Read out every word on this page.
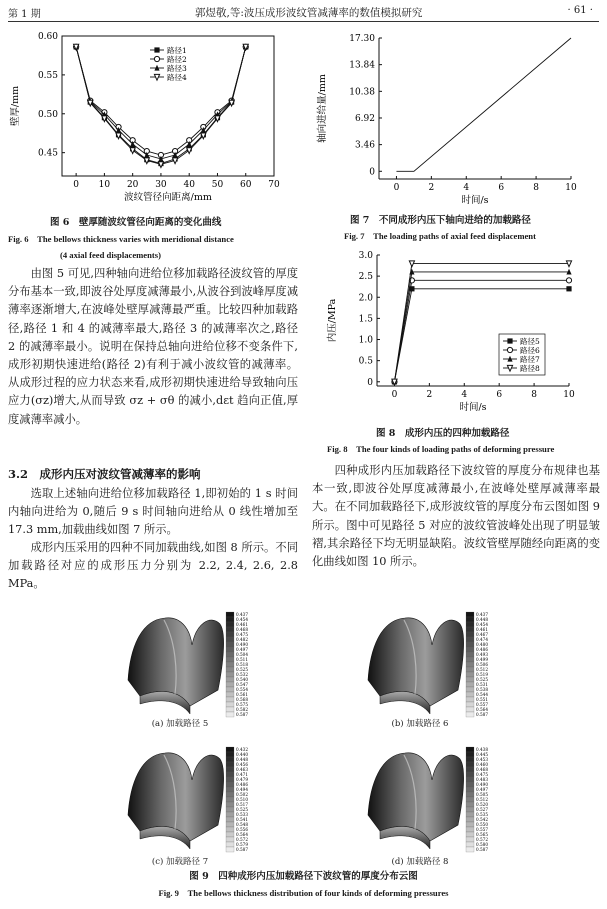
第 1 期	郭煜敬,等:波压成形波纹管减薄率的数值模拟研究	· 61 ·
0 10 20 30 40 50 60 70
0.45
0.50
0.55
0.60
波纹管径向距离/mm
壁厚/mm
路径1
路径2
路径3
路径4
图 6　壁厚随波纹管径向距离的变化曲线
Fig. 6　The bellows thickness varies with meridional distance
(4 axial feed displacements)
0	2	4	6	8	10
0
3.46
6.92
10.38
13.84
17.30
时间/s
轴向进给量/mm
图 7　不同成形内压下轴向进给的加载路径
Fig. 7　The loading paths of axial feed displacement
0	2	4	6	8	10
0
0.5
1.0
1.5
2.0
2.5
3.0
时间/s
内压/MPa	路径5
路径6
路径7
路径8
图 8　成形内压的四种加载路径
Fig. 8　The four kinds of loading paths of deforming pressure
由图 5 可见,四种轴向进给位移加载路径波纹管的厚度分布基本一致,即波谷处厚度减薄最小,从波谷到波峰厚度减薄率逐渐增大,在波峰处壁厚减薄最严重。比较四种加载路径,路径 1 和 4 的减薄率最大,路径 3 的减薄率次之,路径 2 的减薄率最小。说明在保持总轴向进给位移不变条件下,成形初期快速进给(路径 2)有利于减小波纹管的减薄率。从成形过程的应力状态来看,成形初期快速进给导致轴向压应力(σz)增大,从而导致 σz + σθ 的减小,dεt 趋向正值,厚度减薄率减小。
3.2　成形内压对波纹管减薄率的影响
选取上述轴向进给位移加载路径 1,即初始的 1 s 时间内轴向进给为 0,随后 9 s 时间轴向进给从 0 线性增加至 17.3 mm,加载曲线如图 7 所示。
成形内压采用的四种不同加载曲线,如图 8 所示。不同加载路径对应的成形压力分别为 2.2, 2.4, 2.6, 2.8 MPa。
四种成形内压加载路径下波纹管的厚度分布规律也基本一致,即波谷处厚度减薄最小,在波峰处壁厚减薄率最大。在不同加载路径下,成形波纹管的厚度分布云图如图 9 所示。图中可见路径 5 对应的波纹管波峰处出现了明显皱褶,其余路径下均无明显缺陷。波纹管壁厚随经向距离的变化曲线如图 10 所示。
0.437
0.454
0.461
0.468
0.475
0.482
0.490
0.497
0.504
0.511
0.518
0.525
0.532
0.540
0.547
0.554
0.561
0.568
0.575
0.582
0.587
0.437
0.448
0.454
0.461
0.467
0.474
0.480
0.486
0.493
0.499
0.506
0.512
0.519
0.525
0.531
0.538
0.544
0.551
0.557
0.564
0.587
0.432
0.440
0.448
0.456
0.463
0.471
0.479
0.486
0.494
0.502
0.510
0.517
0.525
0.533
0.541
0.548
0.556
0.564
0.572
0.579
0.587
0.438
0.445
0.453
0.460
0.468
0.475
0.483
0.490
0.497
0.505
0.512
0.520
0.527
0.535
0.542
0.550
0.557
0.565
0.572
0.580
0.587
(a) 加载路径 5	(b) 加载路径 6
(c) 加载路径 7	(d) 加载路径 8
图 9　四种成形内压加载路径下波纹管的厚度分布云图
Fig. 9　The bellows thickness distribution of four kinds of deforming pressures
